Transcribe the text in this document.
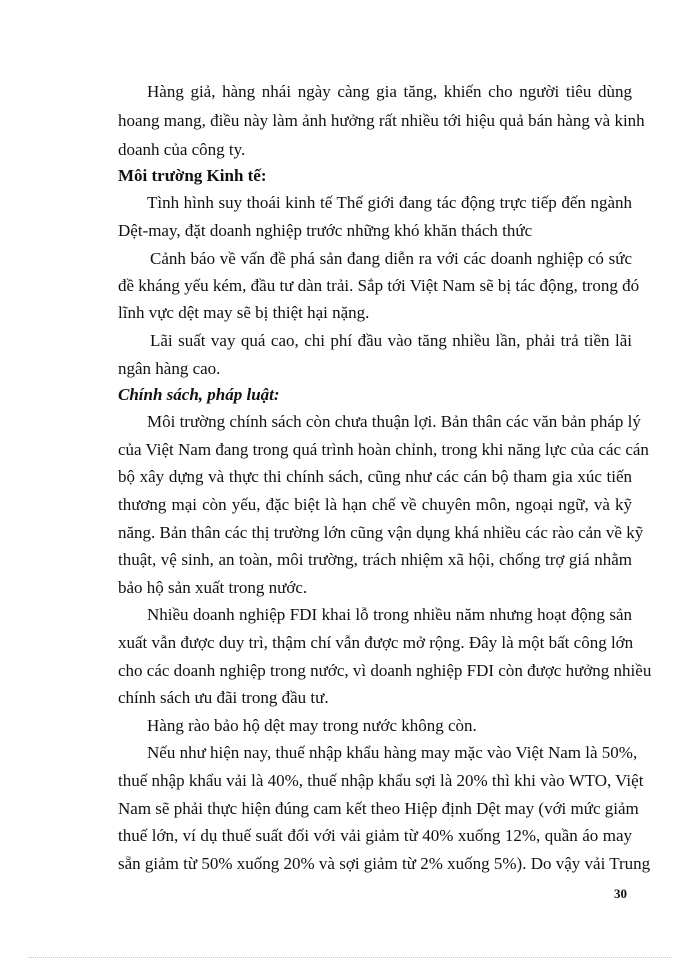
Hàng giả, hàng nhái ngày càng gia tăng, khiến cho người tiêu dùng
hoang mang, điều này làm ảnh hưởng rất nhiều tới hiệu quả bán hàng và kinh
doanh của công ty.
Môi trường Kinh tế:
Tình hình suy thoái kinh tế Thế giới đang tác động trực tiếp đến ngành
Dệt-may, đặt doanh nghiệp trước những khó khăn thách thức
Cảnh báo về vấn đề phá sản đang diễn ra với các doanh nghiệp có sức
đề kháng yếu kém, đầu tư dàn trải. Sắp tới Việt Nam sẽ bị tác động, trong đó
lĩnh vực dệt may sẽ bị thiệt hại nặng.
Lãi suất vay quá cao, chi phí đầu vào tăng nhiều lần, phải trả tiền lãi
ngân hàng cao.
Chính sách, pháp luật:
Môi trường chính sách còn chưa thuận lợi. Bản thân các văn bản pháp lý
của Việt Nam đang trong quá trình hoàn chỉnh, trong khi năng lực của các cán
bộ xây dựng và thực thi chính sách, cũng như các cán bộ tham gia xúc tiến
thương mại còn yếu, đặc biệt là hạn chế về chuyên môn, ngoại ngữ, và kỹ
năng. Bản thân các thị trường lớn cũng vận dụng khá nhiều các rào cản về kỹ
thuật, vệ sinh, an toàn, môi trường, trách nhiệm xã hội, chống trợ giá nhằm
bảo hộ sản xuất trong nước.
Nhiều doanh nghiệp FDI khai lỗ trong nhiều năm nhưng hoạt động sản
xuất vẫn được duy trì, thậm chí vẫn được mở rộng. Đây là một bất công lớn
cho các doanh nghiệp trong nước, vì doanh nghiệp FDI còn được hưởng nhiều
chính sách ưu đãi trong đầu tư.
Hàng rào bảo hộ dệt may trong nước không còn.
Nếu như hiện nay, thuế nhập khẩu hàng may mặc vào Việt Nam là 50%,
thuế nhập khẩu vải là 40%, thuế nhập khẩu sợi là 20% thì khi vào WTO, Việt
Nam sẽ phải thực hiện đúng cam kết theo Hiệp định Dệt may (với mức giảm
thuế lớn, ví dụ thuế suất đối với vải giảm từ 40% xuống 12%, quần áo may
sẵn giảm từ 50% xuống 20% và sợi giảm từ 2% xuống 5%). Do vậy vải Trung
30
